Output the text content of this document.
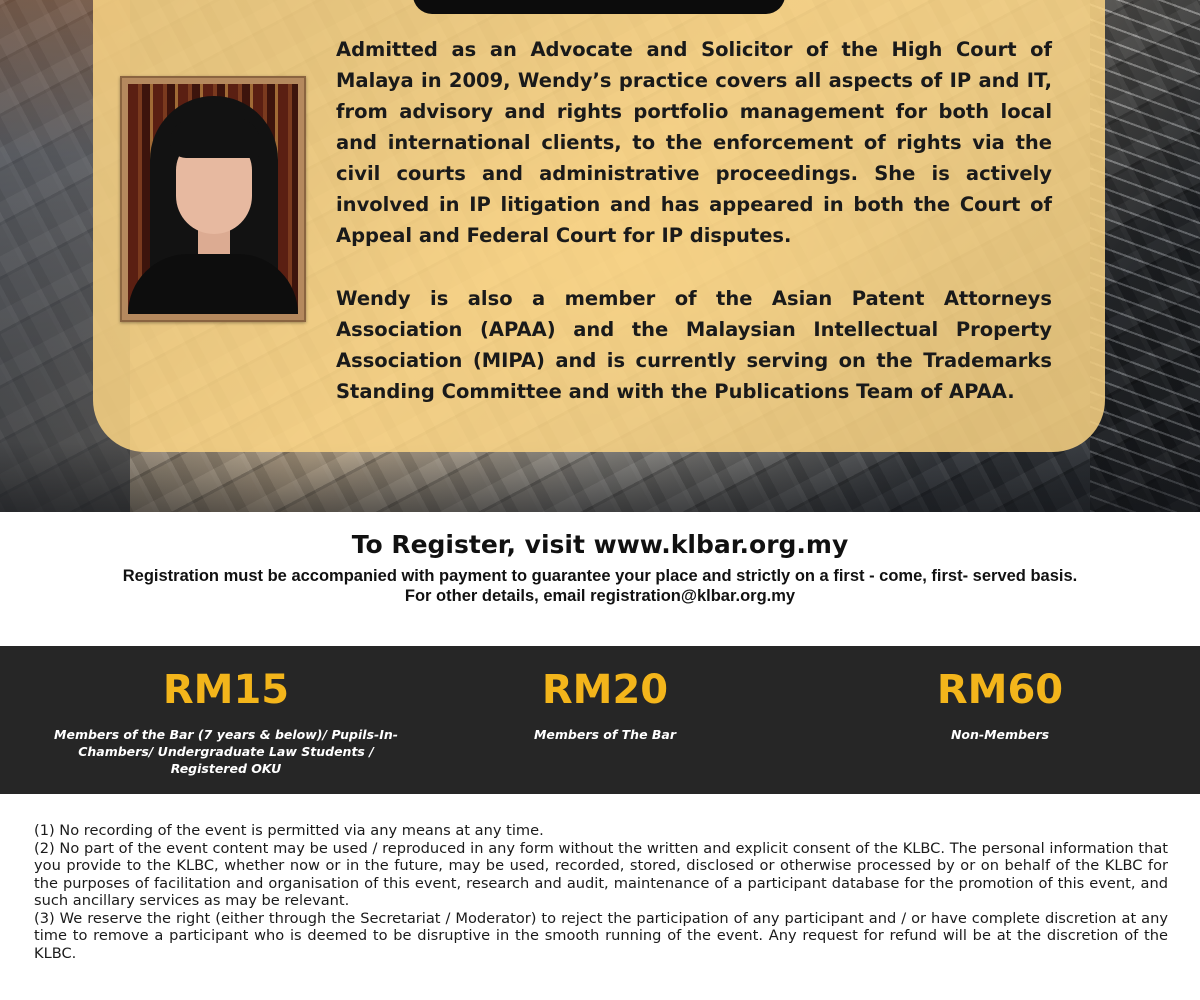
Admitted as an Advocate and Solicitor of the High Court of Malaya in 2009, Wendy’s practice covers all aspects of IP and IT, from advisory and rights portfolio management for both local and international clients, to the enforcement of rights via the civil courts and administrative proceedings. She is actively involved in IP litigation and has appeared in both the Court of Appeal and Federal Court for IP disputes.

Wendy is also a member of the Asian Patent Attorneys Association (APAA) and the Malaysian Intellectual Property Association (MIPA) and is currently serving on the Trademarks Standing Committee and with the Publications Team of APAA.

To Register, visit www.klbar.org.my
Registration must be accompanied with payment to guarantee your place and strictly on a first - come, first- served basis.
For other details, email registration@klbar.org.my
RM15
Members of the Bar (7 years & below)/ Pupils-In-Chambers/ Undergraduate Law Students / Registered OKU
RM20
Members of The Bar
RM60
Non-Members

(1) No recording of the event is permitted via any means at any time.

(2) No part of the event content may be used / reproduced in any form without the written and explicit consent of the KLBC. The personal information that you provide to the KLBC, whether now or in the future, may be used, recorded, stored, disclosed or otherwise processed by or on behalf of the KLBC for the purposes of facilitation and organisation of this event, research and audit, maintenance of a participant database for the promotion of this event, and such ancillary services as may be relevant.

(3) We reserve the right (either through the Secretariat / Moderator) to reject the participation of any participant and / or have complete discretion at any time to remove a participant who is deemed to be disruptive in the smooth running of the event. Any request for refund will be at the discretion of the KLBC.
